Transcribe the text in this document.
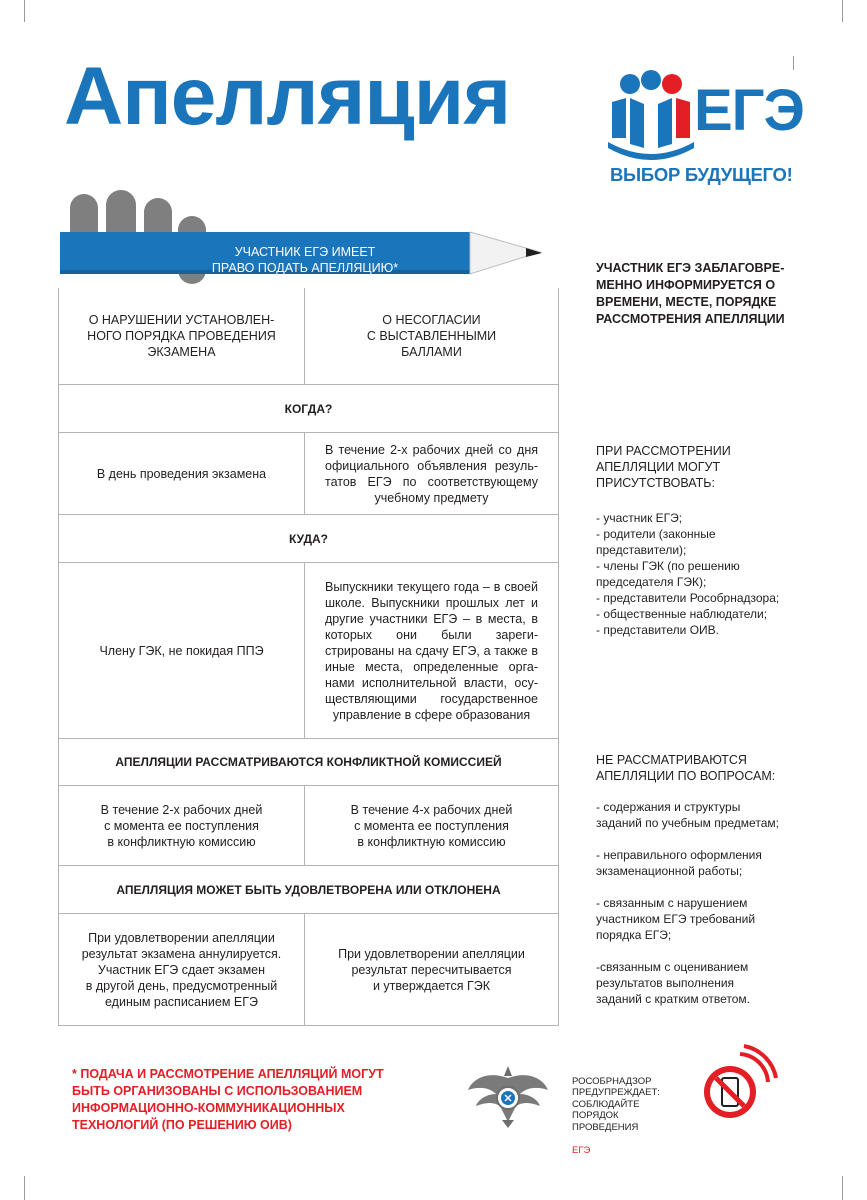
Апелляция	ЕГЭ
ВЫБОР БУДУЩЕГО!
УЧАСТНИК ЕГЭ ИМЕЕТ
ПРАВО ПОДАТЬ АПЕЛЛЯЦИЮ*
О НАРУШЕНИИ УСТАНОВЛЕН-
НОГО ПОРЯДКА ПРОВЕДЕНИЯ
ЭКЗАМЕНА
О НЕСОГЛАСИИ
С ВЫСТАВЛЕННЫМИ
БАЛЛАМИ
КОГДА?
В день проведения экзамена
В течение 2-х рабочих дней со дня официального объявления резуль-татов ЕГЭ по соответствующему учебному предмету
КУДА?
Члену ГЭК, не покидая ППЭ
Выпускники текущего года – в своей школе. Выпускники прошлых лет и другие участники ЕГЭ – в места, в которых они были зареги-стрированы на сдачу ЕГЭ, а также в иные места, определенные орга-нами исполнительной власти, осу-ществляющими государственное управление в сфере образования
АПЕЛЛЯЦИИ РАССМАТРИВАЮТСЯ КОНФЛИКТНОЙ КОМИССИЕЙ
В течение 2-х рабочих дней
с момента ее поступления
в конфликтную комиссию
В течение 4-х рабочих дней
с момента ее поступления
в конфликтную комиссию
АПЕЛЛЯЦИЯ МОЖЕТ БЫТЬ УДОВЛЕТВОРЕНА ИЛИ ОТКЛОНЕНА
При удовлетворении апелляции
результат экзамена аннулируется.
Участник ЕГЭ сдает экзамен
в другой день, предусмотренный
единым расписанием ЕГЭ
При удовлетворении апелляции
результат пересчитывается
и утверждается ГЭК
УЧАСТНИК ЕГЭ ЗАБЛАГОВРЕ-
МЕННО ИНФОРМИРУЕТСЯ О
ВРЕМЕНИ, МЕСТЕ, ПОРЯДКЕ
РАССМОТРЕНИЯ АПЕЛЛЯЦИИ
ПРИ РАССМОТРЕНИИ
АПЕЛЛЯЦИИ МОГУТ
ПРИСУТСТВОВАТЬ:
- участник ЕГЭ;
- родители (законные
представители);
- члены ГЭК (по решению
председателя ГЭК);
- представители Рособрнадзора;
- общественные наблюдатели;
- представители ОИВ.
НЕ РАССМАТРИВАЮТСЯ
АПЕЛЛЯЦИИ ПО ВОПРОСАМ:
- содержания и структуры
заданий по учебным предметам;
- неправильного оформления
экзаменационной работы;
- связанным с нарушением
участником ЕГЭ требований
порядка ЕГЭ;
-связанным с оцениванием
результатов выполнения
заданий с кратким ответом.
* ПОДАЧА И РАССМОТРЕНИЕ АПЕЛЛЯЦИЙ МОГУТ
БЫТЬ ОРГАНИЗОВАНЫ С ИСПОЛЬЗОВАНИЕМ
ИНФОРМАЦИОННО-КОММУНИКАЦИОННЫХ
ТЕХНОЛОГИЙ (ПО РЕШЕНИЮ ОИВ)

РОСОБРНАДЗОР
ПРЕДУПРЕЖДАЕТ:
СОБЛЮДАЙТЕ
ПОРЯДОК
ПРОВЕДЕНИЯ

ЕГЭ
